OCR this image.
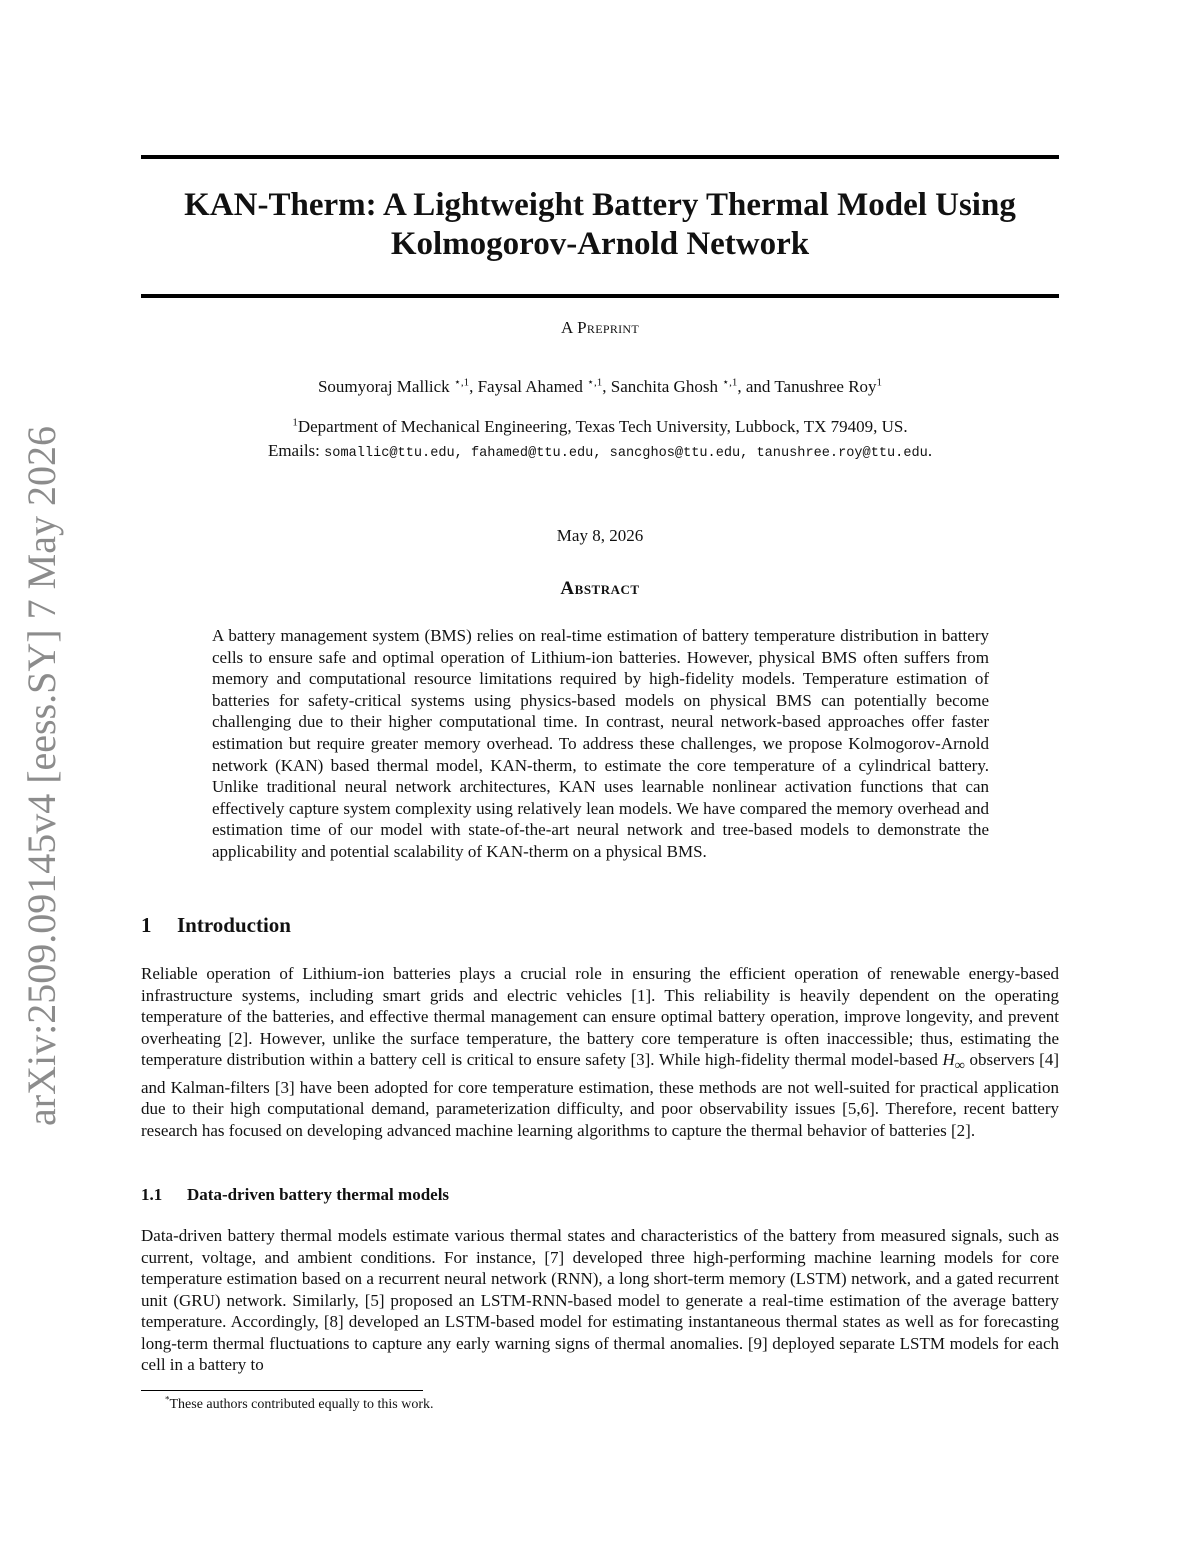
arXiv:2509.09145v4 [eess.SY] 7 May 2026
KAN-Therm: A Lightweight Battery Thermal Model Using
Kolmogorov-Arnold Network
A Preprint
Soumyoraj Mallick $^{⋆,1}$, Faysal Ahamed $^{⋆,1}$, Sanchita Ghosh $^{⋆,1}$, and Tanushree Roy$^1$
$^1$Department of Mechanical Engineering, Texas Tech University, Lubbock, TX 79409, US.
Emails: somallic@ttu.edu, fahamed@ttu.edu, sancghos@ttu.edu, tanushree.roy@ttu.edu.
May 8, 2026
Abstract

A battery management system (BMS) relies on real-time estimation of battery temperature distribution in battery cells to ensure safe and optimal operation of Lithium-ion batteries. However, physical BMS often suffers from memory and computational resource limitations required by high-fidelity models. Temperature estimation of batteries for safety-critical systems using physics-based models on physical BMS can potentially become challenging due to their higher computational time. In contrast, neural network-based approaches offer faster estimation but require greater memory overhead. To address these challenges, we propose Kolmogorov-Arnold network (KAN) based thermal model, KAN-therm, to estimate the core temperature of a cylindrical battery. Unlike traditional neural network architectures, KAN uses learnable nonlinear activation functions that can effectively capture system complexity using relatively lean models. We have compared the memory overhead and estimation time of our model with state-of-the-art neural network and tree-based models to demonstrate the applicability and potential scalability of KAN-therm on a physical BMS.

1 Introduction

Reliable operation of Lithium-ion batteries plays a crucial role in ensuring the efficient operation of renewable energy-based infrastructure systems, including smart grids and electric vehicles [1]. This reliability is heavily dependent on the operating temperature of the batteries, and effective thermal management can ensure optimal battery operation, improve longevity, and prevent overheating [2]. However, unlike the surface temperature, the battery core temperature is often inaccessible; thus, estimating the temperature distribution within a battery cell is critical to ensure safety [3]. While high-fidelity thermal model-based $H_\infty$ observers [4] and Kalman-filters [3] have been adopted for core temperature estimation, these methods are not well-suited for practical application due to their high computational demand, parameterization difficulty, and poor observability issues [5,6]. Therefore, recent battery research has focused on developing advanced machine learning algorithms to capture the thermal behavior of batteries [2].

1.1 Data-driven battery thermal models

Data-driven battery thermal models estimate various thermal states and characteristics of the battery from measured signals, such as current, voltage, and ambient conditions. For instance, [7] developed three high-performing machine learning models for core temperature estimation based on a recurrent neural network (RNN), a long short-term memory (LSTM) network, and a gated recurrent unit (GRU) network. Similarly, [5] proposed an LSTM-RNN-based model to generate a real-time estimation of the average battery temperature. Accordingly, [8] developed an LSTM-based model for estimating instantaneous thermal states as well as for forecasting long-term thermal fluctuations to capture any early warning signs of thermal anomalies. [9] deployed separate LSTM models for each cell in a battery to

*These authors contributed equally to this work.
